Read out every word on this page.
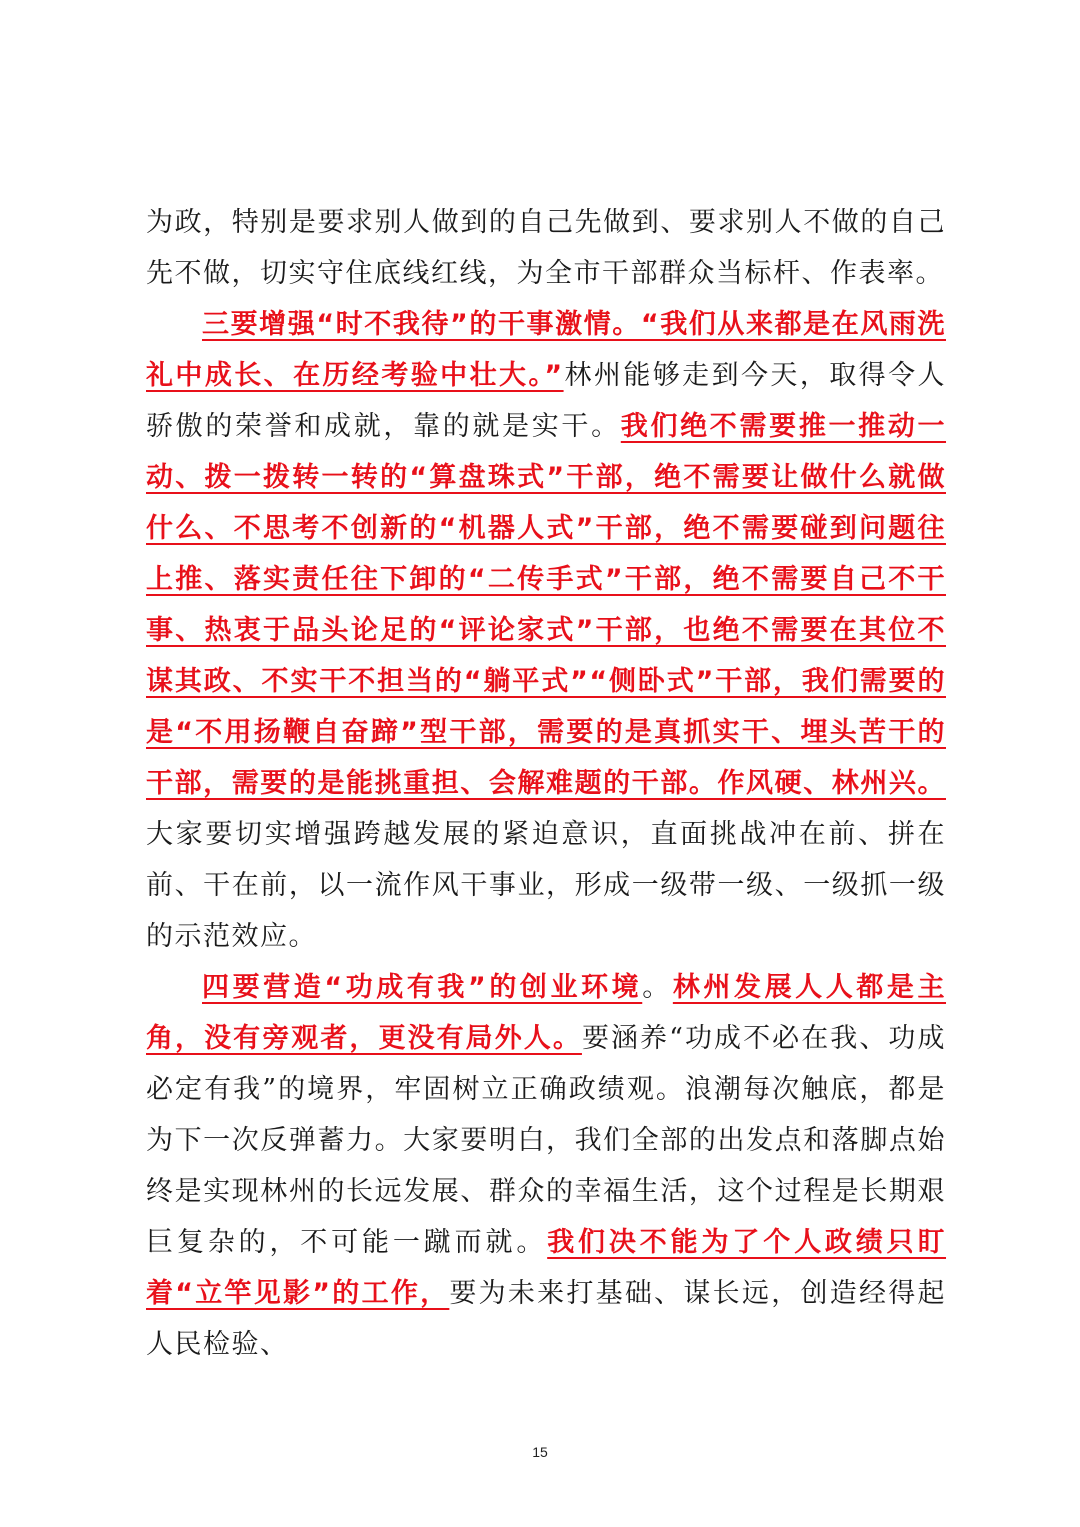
为政，特别是要求别人做到的自己先做到、要求别人不做的自己先不做，切实守住底线红线，为全市干部群众当标杆、作表率。

三要增强“时不我待”的干事激情。“我们从来都是在风雨洗礼中成长、在历经考验中壮大。”林州能够走到今天，取得令人骄傲的荣誉和成就，靠的就是实干。我们绝不需要推一推动一动、拨一拨转一转的“算盘珠式”干部，绝不需要让做什么就做什么、不思考不创新的“机器人式”干部，绝不需要碰到问题往上推、落实责任往下卸的“二传手式”干部，绝不需要自己不干事、热衷于品头论足的“评论家式”干部，也绝不需要在其位不谋其政、不实干不担当的“躺平式”“侧卧式”干部，我们需要的是“不用扬鞭自奋蹄”型干部，需要的是真抓实干、埋头苦干的干部，需要的是能挑重担、会解难题的干部。作风硬、林州兴。大家要切实增强跨越发展的紧迫意识，直面挑战冲在前、拼在前、干在前，以一流作风干事业，形成一级带一级、一级抓一级的示范效应。

四要营造“功成有我”的创业环境。林州发展人人都是主角，没有旁观者，更没有局外人。要涵养“功成不必在我、功成必定有我”的境界，牢固树立正确政绩观。浪潮每次触底，都是为下一次反弹蓄力。大家要明白，我们全部的出发点和落脚点始终是实现林州的长远发展、群众的幸福生活，这个过程是长期艰巨复杂的，不可能一蹴而就。我们决不能为了个人政绩只盯着“立竿见影”的工作，要为未来打基础、谋长远，创造经得起人民检验、

15
